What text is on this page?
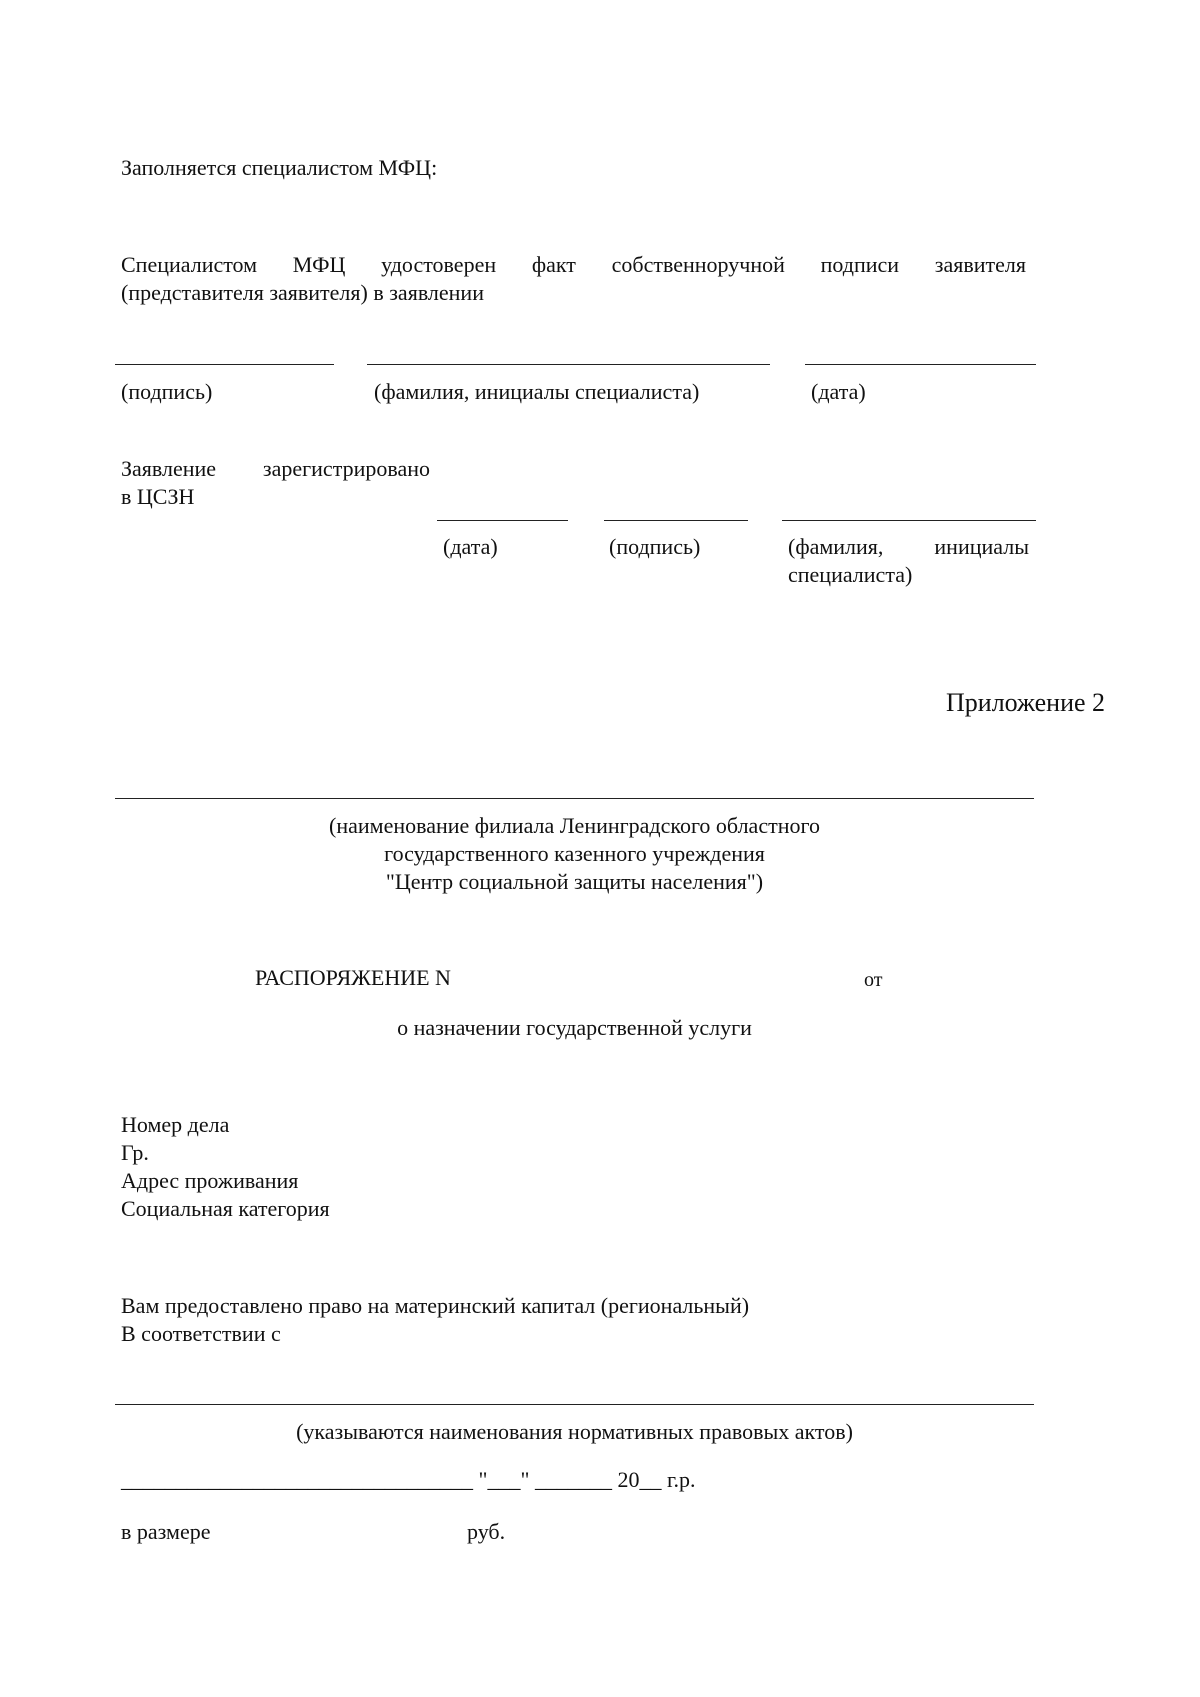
Заполняется специалистом МФЦ:
Специалистом МФЦ удостоверен факт собственноручной подписи заявителя
(представителя заявителя) в заявлении
(подпись)	(фамилия, инициалы специалиста)	(дата)
Заявление зарегистрировано
в ЦСЗН
(дата)	(подпись)	(фамилия, инициалы
специалиста)
Приложение 2
(наименование филиала Ленинградского областного
государственного казенного учреждения
"Центр социальной защиты населения")
РАСПОРЯЖЕНИЕ N	от
о назначении государственной услуги
Номер дела
Гр.
Адрес проживания
Социальная категория
Вам предоставлено право на материнский капитал (региональный)
В соответствии с
(указываются наименования нормативных правовых актов)
________________________________ "___" _______ 20__ г.р.
в размере	руб.
